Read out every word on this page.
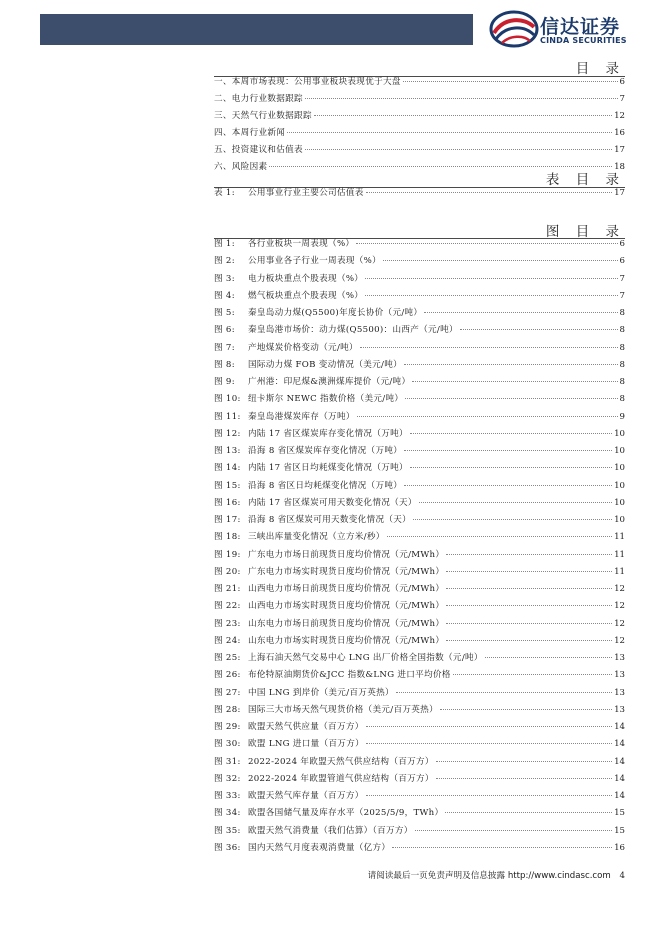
信达证券
CINDA SECURITIES
目 录
一、本周市场表现：公用事业板块表现优于大盘	6
二、电力行业数据跟踪	7
三、天然气行业数据跟踪	12
四、本周行业新闻	16
五、投资建议和估值表	17
六、风险因素	18
表 目 录
表 1: 公用事业行业主要公司估值表	17
图 目 录
图 1: 各行业板块一周表现（%）	6
图 2: 公用事业各子行业一周表现（%）	6
图 3: 电力板块重点个股表现（%）	7
图 4: 燃气板块重点个股表现（%）	7
图 5: 秦皇岛动力煤(Q5500)年度长协价（元/吨）	8
图 6: 秦皇岛港市场价：动力煤(Q5500)：山西产（元/吨）	8
图 7: 产地煤炭价格变动（元/吨）	8
图 8: 国际动力煤 FOB 变动情况（美元/吨）	8
图 9: 广州港：印尼煤&澳洲煤库提价（元/吨）	8
图 10: 纽卡斯尔 NEWC 指数价格（美元/吨）	8
图 11: 秦皇岛港煤炭库存（万吨）	9
图 12: 内陆 17 省区煤炭库存变化情况（万吨）	10
图 13: 沿海 8 省区煤炭库存变化情况（万吨）	10
图 14: 内陆 17 省区日均耗煤变化情况（万吨）	10
图 15: 沿海 8 省区日均耗煤变化情况（万吨）	10
图 16: 内陆 17 省区煤炭可用天数变化情况（天）	10
图 17: 沿海 8 省区煤炭可用天数变化情况（天）	10
图 18: 三峡出库量变化情况（立方米/秒）	11
图 19: 广东电力市场日前现货日度均价情况（元/MWh）	11
图 20: 广东电力市场实时现货日度均价情况（元/MWh）	11
图 21: 山西电力市场日前现货日度均价情况（元/MWh）	12
图 22: 山西电力市场实时现货日度均价情况（元/MWh）	12
图 23: 山东电力市场日前现货日度均价情况（元/MWh）	12
图 24: 山东电力市场实时现货日度均价情况（元/MWh）	12
图 25: 上海石油天然气交易中心 LNG 出厂价格全国指数（元/吨）	13
图 26: 布伦特原油期货价&JCC 指数&LNG 进口平均价格	13
图 27: 中国 LNG 到岸价（美元/百万英热）	13
图 28: 国际三大市场天然气现货价格（美元/百万英热）	13
图 29: 欧盟天然气供应量（百万方）	14
图 30: 欧盟 LNG 进口量（百万方）	14
图 31: 2022-2024 年欧盟天然气供应结构（百万方）	14
图 32: 2022-2024 年欧盟管道气供应结构（百万方）	14
图 33: 欧盟天然气库存量（百万方）	14
图 34: 欧盟各国储气量及库存水平（2025/5/9，TWh）	15
图 35: 欧盟天然气消费量（我们估算）（百万方）	15
图 36: 国内天然气月度表观消费量（亿方）	16
请阅读最后一页免责声明及信息披露 http://www.cindasc.com 4
